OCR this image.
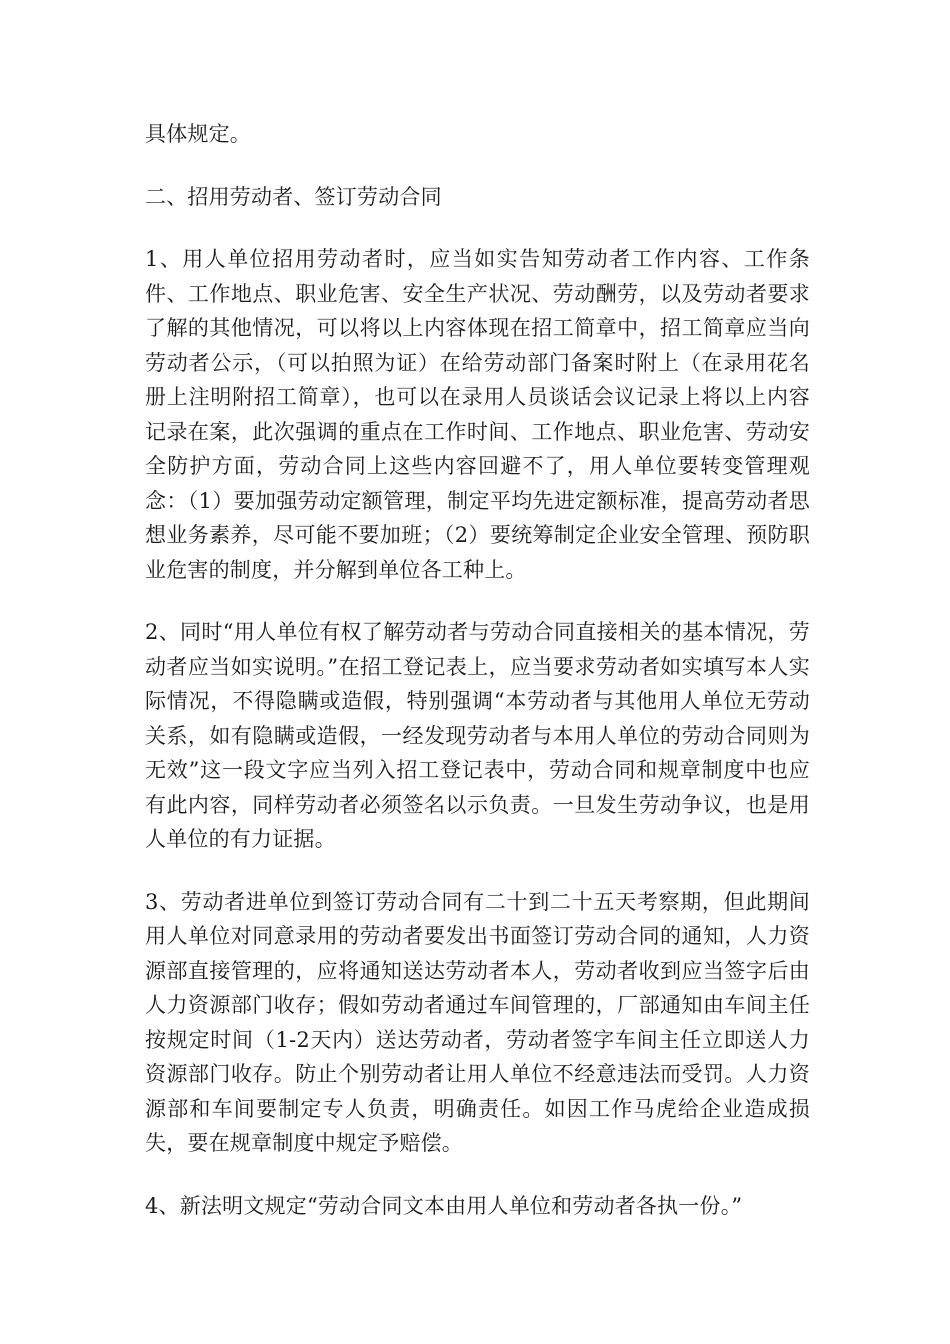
具体规定。

二、招用劳动者、签订劳动合同

1、用人单位招用劳动者时，应当如实告知劳动者工作内容、工作条件、工作地点、职业危害、安全生产状况、劳动酬劳，以及劳动者要求了解的其他情况，可以将以上内容体现在招工简章中，招工简章应当向劳动者公示，（可以拍照为证）在给劳动部门备案时附上（在录用花名册上注明附招工简章），也可以在录用人员谈话会议记录上将以上内容记录在案，此次强调的重点在工作时间、工作地点、职业危害、劳动安全防护方面，劳动合同上这些内容回避不了，用人单位要转变管理观念：（1）要加强劳动定额管理，制定平均先进定额标准，提高劳动者思想业务素养，尽可能不要加班；（2）要统筹制定企业安全管理、预防职业危害的制度，并分解到单位各工种上。

2、同时“用人单位有权了解劳动者与劳动合同直接相关的基本情况，劳动者应当如实说明。”在招工登记表上，应当要求劳动者如实填写本人实际情况，不得隐瞒或造假，特别强调“本劳动者与其他用人单位无劳动关系，如有隐瞒或造假，一经发现劳动者与本用人单位的劳动合同则为无效”这一段文字应当列入招工登记表中，劳动合同和规章制度中也应有此内容，同样劳动者必须签名以示负责。一旦发生劳动争议，也是用人单位的有力证据。

3、劳动者进单位到签订劳动合同有二十到二十五天考察期，但此期间用人单位对同意录用的劳动者要发出书面签订劳动合同的通知，人力资源部直接管理的，应将通知送达劳动者本人，劳动者收到应当签字后由人力资源部门收存；假如劳动者通过车间管理的，厂部通知由车间主任按规定时间（1-2天内）送达劳动者，劳动者签字车间主任立即送人力资源部门收存。防止个别劳动者让用人单位不经意违法而受罚。人力资源部和车间要制定专人负责，明确责任。如因工作马虎给企业造成损失，要在规章制度中规定予赔偿。

4、新法明文规定“劳动合同文本由用人单位和劳动者各执一份。”
